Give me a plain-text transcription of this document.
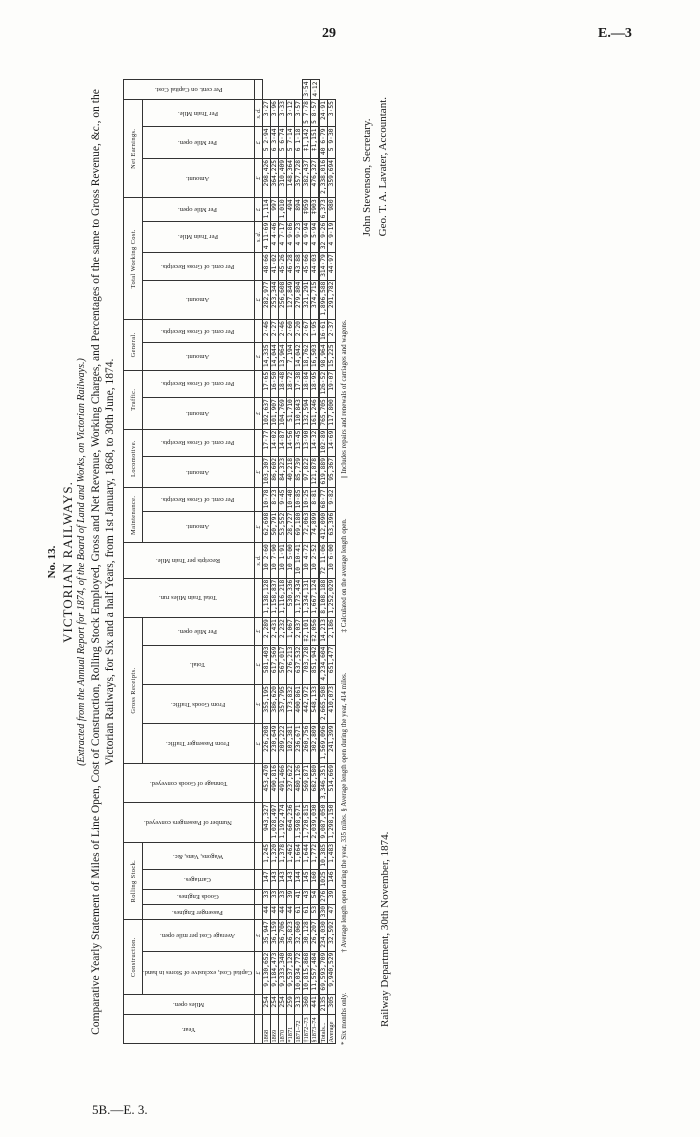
29	E.—3
5B.—E. 3.
No. 13. VICTORIAN RAILWAYS. (Extracted from the Annual Report for 1874, of the Board of Land and Works, on Victorian Railways.) Comparative Yearly Statement of Miles of Line Open, Cost of Construction, Rolling Stock Employed, Gross and Net Revenue, Working Charges, and Percentages of the same to Gross Revenue, &c., on the Victorian Railways, for Six and a half Years, from 1st January, 1868, to 30th June, 1874.
Year.	Miles open.	Construction.		Rolling Stock.				Number of Passengers conveyed.	Tonnage of Goods conveyed.	Gross Receipts.				Total Train Miles run.	Receipts per Train Mile.	Maintenance.		Locomotive.		Traffic.		General.		Total Working Cost.				Net Earnings.			Per cent. on Capital Cost.
		Capital Cost, exclusive of Stores in hand.	Average Cost per mile open.	Passenger Engines.	Goods Engines.	Carriages.	Wagons, Vans, &c.			From Passenger Traffic.	From Goods Traffic.	Total.	Per Mile open.			Amount.	Per cent. of Gross Receipts.	Amount.	Per cent. of Gross Receipts.	Amount.	Per cent. of Gross Receipts.	Amount.	Per cent. of Gross Receipts.	Amount.	Per cent. of Gross Receipts.	Per Train Mile.	Per Mile open.	Amount.	Per Mile open.	Per Train Mile.	
		£	£							£	£	£	£		s. d.	£		£		£		£		£		s. d.	£	£	£	s. d.	
1868	254	9,130,652	35,947	44	33	147	1,245	943,327	453,470	226,208	355,195	581,403	2,289	1,138,128	10 2·60	62,698	10·78	103,307	17·77	102,637	17·65	14,335	2·46	282,977	48·66	4 11·69	1,114	298,426	5 2·94	3·27	
1869	254	9,184,473	36,159	44	33	143	1,320	1,028,497	490,816	230,649	386,620	617,569	2,431	1,158,837	10 7·90	50,791	8·23	86,602	14·02	101,907	16·50	14,044	2·27	253,344	41·02	4 4·46	997	364,225	6 3·44	3·96	
1870	254	9,333,340	36,706	44	33	143	1,378	1,192,474	491,466	209,222	357,795	567,017	2,232	1,116,218	10 1·91	53,552	9·45	84,323	14·87	104,769	18·48	13,964	2·46	256,608	45·26	4 7·17	1,010	310,409	5 6·74	3·33	
*1871	259	9,537,120	36,823	44	39	143	1,462	664,236	237,622	102,381	173,832	276,213	1,067	530,336	10 5·00	28,727	10·40	40,218	14·56	51,710	18·72	7,194	2·60	127,849	46·28	4 9·86	494	148,364	5 7·14	3·12	
1871–72	313	10,034,772	32,060	61	41	144	1,664	1,598,671	480,126	236,671	400,861	637,532	2,037	1,173,434	10 10·41	69,180	10·85	85,739	13·45	110,843	17·38	14,042	2·20	279,804	43·88	4 9·23	894	357,728	6 1·18	3·57	
†1872–73	360	10,815,868	30,128	61	43	145	1,644	1,720,815	569,871	260,756	442,972	703,728	‡2,101	1,334,131	10 4·72	72,063	10·25	97,822	13·90	132,594	18·84	18,762	2·67	321,291	45·66	4 9·94	‡959	382,437	‡1,142	5 7·78	3·54
§1873–74	441	11,557,484	26,207	53	54	160	1,772	2,039,030	682,580	302,809	548,133	851,942	‡2,056	1,667,124	10 2·52	74,899	8·81	121,878	14·32	161,246	18·95	16,503	1·95	374,715	44·03	4 5·94	‡903	476,327	‡1,151	5 8·57	4·12
Totals...	2135	69,593,709	234,030	330	276	1025	10,385	9,087,050	3,346,351	1,569,096	2,665,508	4,234,604	14,213	8,108,188	72 11·06	412,090	68·77	619,889	102·89	765,705	126·52	98,964	16·61	1,896,588	314·79	32 9·26	6,373	2,338,016	40 6·79	24·91	
Average	305	9,940,529	32,592	47	39	146	1,483	1,298,150	514,669	241,399	410,073	651,477	2,186	1,252,029	10 6·00	63,396	9·82	95,367	14·69	117,800	19·07	15,225	2·37	291,782	44·97	4 9·19	980	359,694	5 9·30	3·55	
* Six months only.
† Average length open during the year, 335 miles. § Average length open during the year, 414 miles.
‡ Calculated on the average length open.
|| Includes repairs and renewals of carriages and wagons.
Railway Department, 30th November, 1874.
John Stevenson, Secretary. Geo. T. A. Lavater, Accountant.
